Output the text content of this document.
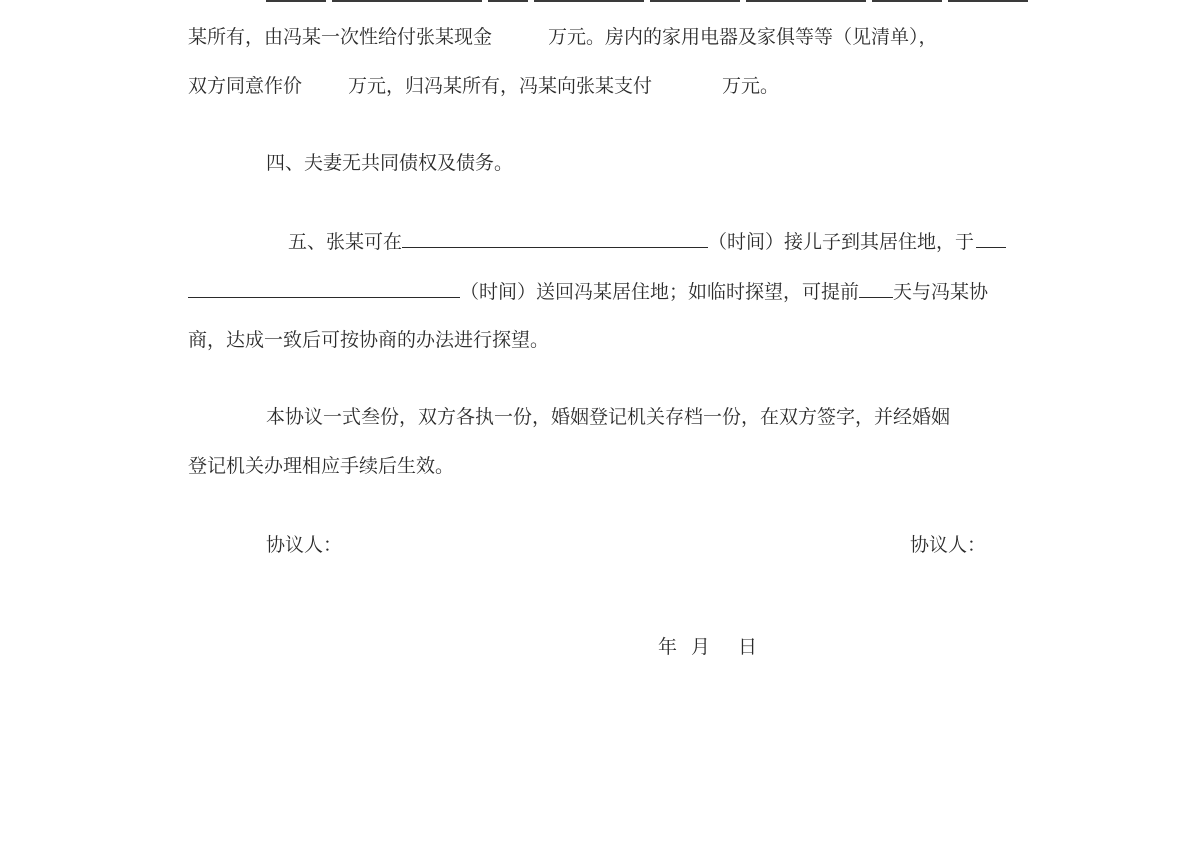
某所有，由冯某一次性给付张某现金	万元。房内的家用电器及家俱等等（见清单），
双方同意作价 万元，归冯某所有，冯某向张某支付	万元。
四、夫妻无共同债权及债务。
五、张某可在	（时间）接儿子到其居住地，于
（时间）送回冯某居住地；如临时探望，可提前 天与冯某协
商，达成一致后可按协商的办法进行探望。
本协议一式叁份，双方各执一份，婚姻登记机关存档一份，在双方签字，并经婚姻
登记机关办理相应手续后生效。
协议人：	协议人：
年 月 日
